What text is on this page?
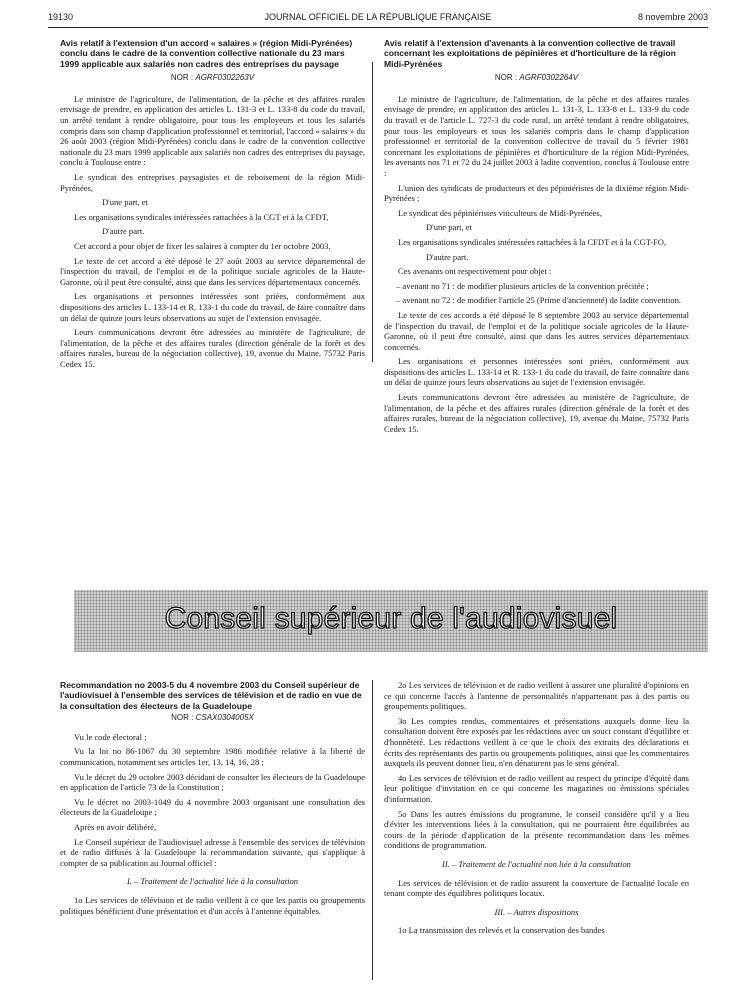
19130	JOURNAL OFFICIEL DE LA RÉPUBLIQUE FRANÇAISE	8 novembre 2003
Avis relatif à l'extension d'un accord « salaires » (région Midi-Pyrénées) conclu dans le cadre de la convention collective nationale du 23 mars 1999 applicable aux salariés non cadres des entreprises du paysage
NOR : AGRF0302263V

Le ministre de l'agriculture, de l'alimentation, de la pêche et des affaires rurales envisage de prendre, en application des articles L. 131-3 et L. 133-8 du code du travail, un arrêté tendant à rendre obligatoire, pour tous les employeurs et tous les salariés compris dans son champ d'application professionnel et territorial, l'accord « salaires » du 26 août 2003 (région Midi-Pyrénées) conclu dans le cadre de la convention collective nationale du 23 mars 1999 applicable aux salariés non cadres des entreprises du paysage, conclu à Toulouse entre :

Le syndicat des entreprises paysagistes et de reboisement de la région Midi-Pyrénées,

D'une part, et

Les organisations syndicales intéressées rattachées à la CGT et à la CFDT,

D'autre part.

Cet accord a pour objet de fixer les salaires à compter du 1er octobre 2003.

Le texte de cet accord a été déposé le 27 août 2003 au service départemental de l'inspection du travail, de l'emploi et de la politique sociale agricoles de la Haute-Garonne, où il peut être consulté, ainsi que dans les services départementaux concernés.

Les organisations et personnes intéressées sont priées, conformément aux dispositions des articles L. 133-14 et R. 133-1 du code du travail, de faire connaître dans un délai de quinze jours leurs observations au sujet de l'extension envisagée.

Leurs communications devront être adressées au ministère de l'agriculture, de l'alimentation, de la pêche et des affaires rurales (direction générale de la forêt et des affaires rurales, bureau de la négociation collective), 19, avenue du Maine, 75732 Paris Cedex 15.

Avis relatif à l'extension d'avenants à la convention collective de travail concernant les exploitations de pépinières et d'horticulture de la région Midi-Pyrénées
NOR : AGRF0302264V

Le ministre de l'agriculture, de l'alimentation, de la pêche et des affaires rurales envisage de prendre, en application des articles L. 131-3, L. 133-8 et L. 133-9 du code du travail et de l'article L. 727-3 du code rural, un arrêté tendant à rendre obligatoires, pour tous les employeurs et tous les salariés compris dans le champ d'application professionnel et territorial de la convention collective de travail du 5 février 1981 concernant les exploitations de pépinières et d'horticulture de la région Midi-Pyrénées, les avenants nos 71 et 72 du 24 juillet 2003 à ladite convention, conclus à Toulouse entre :

L'union des syndicats de producteurs et des pépiniéristes de la dixième région Midi-Pyrénées ;

Le syndicat des pépiniéristes viticulteurs de Midi-Pyrénées,

D'une part, et

Les organisations syndicales intéressées rattachées à la CFDT et à la CGT-FO,

D'autre part.

Ces avenants ont respectivement pour objet :

– avenant no 71 : de modifier plusieurs articles de la convention précitée ;

– avenant no 72 : de modifier l'article 25 (Prime d'ancienneté) de ladite convention.

Le texte de ces accords a été déposé le 8 septembre 2003 au service départemental de l'inspection du travail, de l'emploi et de la politique sociale agricoles de la Haute-Garonne, où il peut être consulté, ainsi que dans les autres services départementaux concernés.

Les organisations et personnes intéressées sont priées, conformément aux dispositions des articles L. 133-14 et R. 133-1 du code du travail, de faire connaître dans un délai de quinze jours leurs observations au sujet de l'extension envisagée.

Leurs communications devront être adressées au ministère de l'agriculture, de l'alimentation, de la pêche et des affaires rurales (direction générale de la forêt et des affaires rurales, bureau de la négociation collective), 19, avenue du Maine, 75732 Paris Cedex 15.

Conseil supérieur de l'audiovisuel
Recommandation no 2003-5 du 4 novembre 2003 du Conseil supérieur de l'audiovisuel à l'ensemble des services de télévision et de radio en vue de la consultation des électeurs de la Guadeloupe
NOR : CSAX0304005X

Vu le code électoral ;

Vu la loi no 86-1067 du 30 septembre 1986 modifiée relative à la liberté de communication, notamment ses articles 1er, 13, 14, 16, 28 ;

Vu le décret du 29 octobre 2003 décidant de consulter les électeurs de la Guadeloupe en application de l'article 73 de la Constitution ;

Vu le décret no 2003-1049 du 4 novembre 2003 organisant une consultation des électeurs de la Guadeloupe ;

Après en avoir délibéré,

Le Conseil supérieur de l'audiovisuel adresse à l'ensemble des services de télévision et de radio diffusés à la Guadeloupe la recommandation suivante, qui s'applique à compter de sa publication au Journal officiel :

I. – Traitement de l'actualité liée à la consultation

1o Les services de télévision et de radio veillent à ce que les partis ou groupements politiques bénéficient d'une présentation et d'un accès à l'antenne équitables.

2o Les services de télévision et de radio veillent à assurer une pluralité d'opinions en ce qui concerne l'accès à l'antenne de personnalités n'appartenant pas à des partis ou groupements politiques.

3o Les comptes rendus, commentaires et présentations auxquels donne lieu la consultation doivent être exposés par les rédactions avec un souci constant d'équilibre et d'honnêteté. Les rédactions veillent à ce que le choix des extraits des déclarations et écrits des représentants des partis ou groupements politiques, ainsi que les commentaires auxquels ils peuvent donner lieu, n'en dénaturent pas le sens général.

4o Les services de télévision et de radio veillent au respect du principe d'équité dans leur politique d'invitation en ce qui concerne les magazines ou émissions spéciales d'information.

5o Dans les autres émissions du programme, le conseil considère qu'il y a lieu d'éviter les interventions liées à la consultation, qui ne pourraient être équilibrées au cours de la période d'application de la présente recommandation dans les mêmes conditions de programmation.

II. – Traitement de l'actualité non liée à la consultation

Les services de télévision et de radio assurent la couverture de l'actualité locale en tenant compte des équilibres politiques locaux.

III. – Autres dispositions

1o La transmission des relevés et la conservation des bandes
